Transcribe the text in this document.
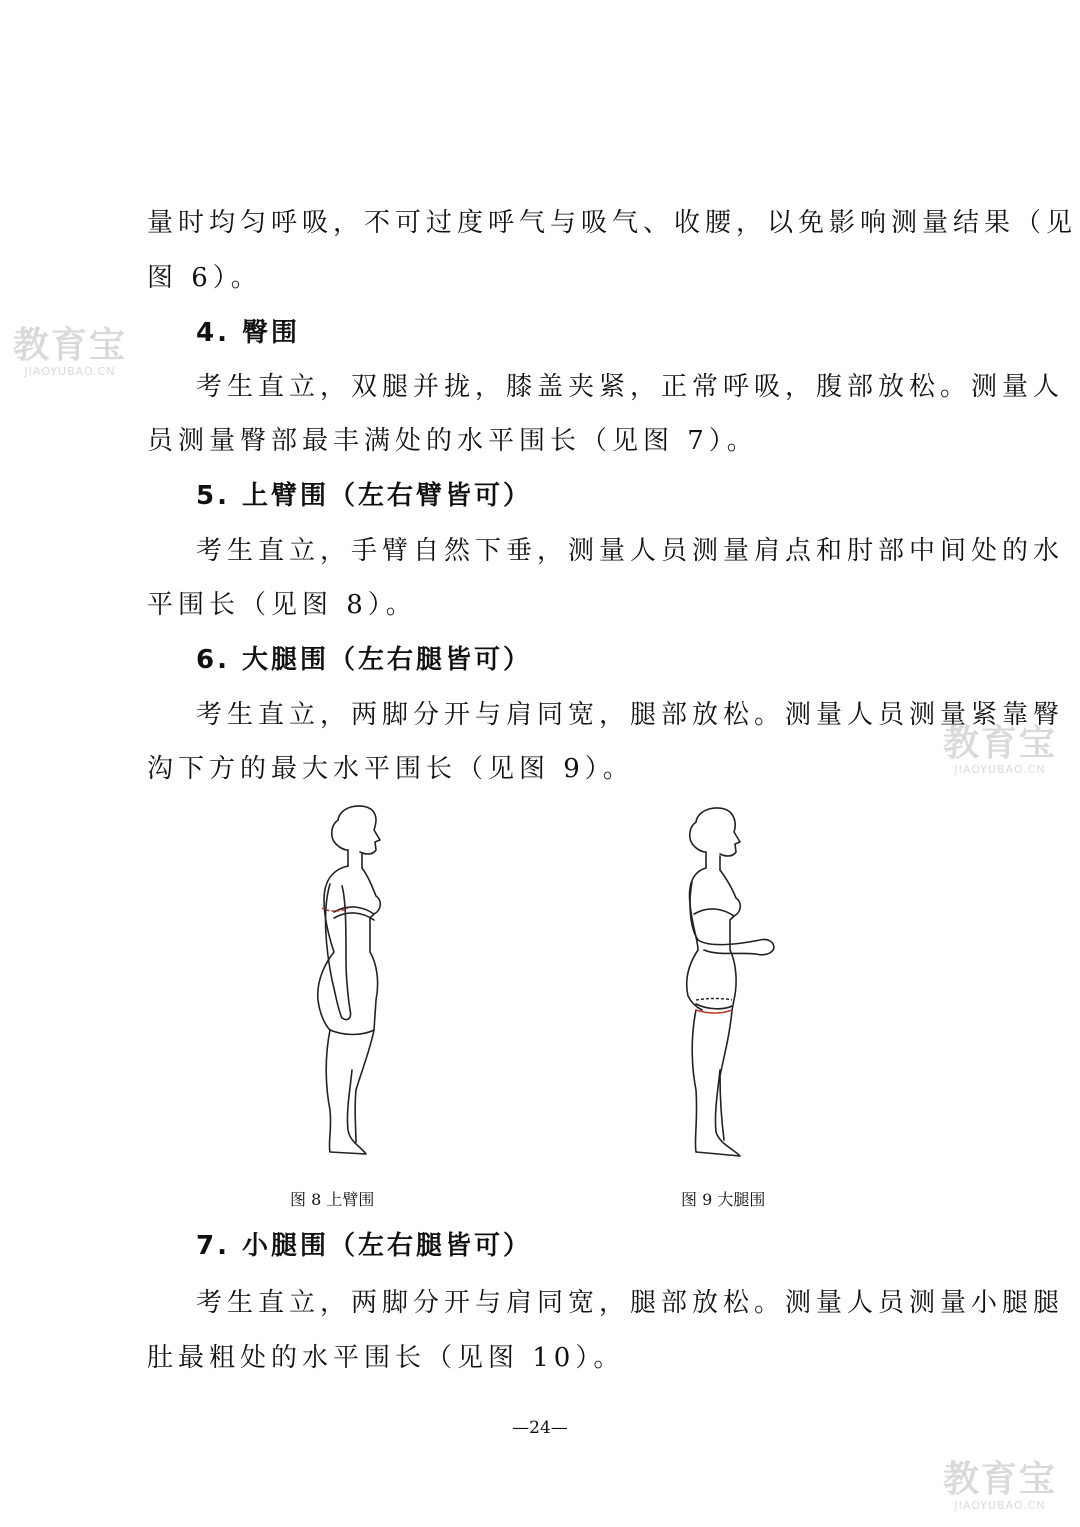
量时均匀呼吸，不可过度呼气与吸气、收腰，以免影响测量结果（见
图 6）。
4. 臀围
考生直立，双腿并拢，膝盖夹紧，正常呼吸，腹部放松。测量人
员测量臀部最丰满处的水平围长（见图 7）。
5. 上臂围（左右臂皆可）
考生直立，手臂自然下垂，测量人员测量肩点和肘部中间处的水
平围长（见图 8）。
6. 大腿围（左右腿皆可）
考生直立，两脚分开与肩同宽，腿部放松。测量人员测量紧靠臀
沟下方的最大水平围长（见图 9）。
图 8 上臂围	图 9 大腿围
7. 小腿围（左右腿皆可）
考生直立，两脚分开与肩同宽，腿部放松。测量人员测量小腿腿
肚最粗处的水平围长（见图 10）。
—24—
教育宝
JIAOYUBAO.CN
教育宝
JIAOYUBAO.CN
教育宝
JIAOYUBAO.CN
